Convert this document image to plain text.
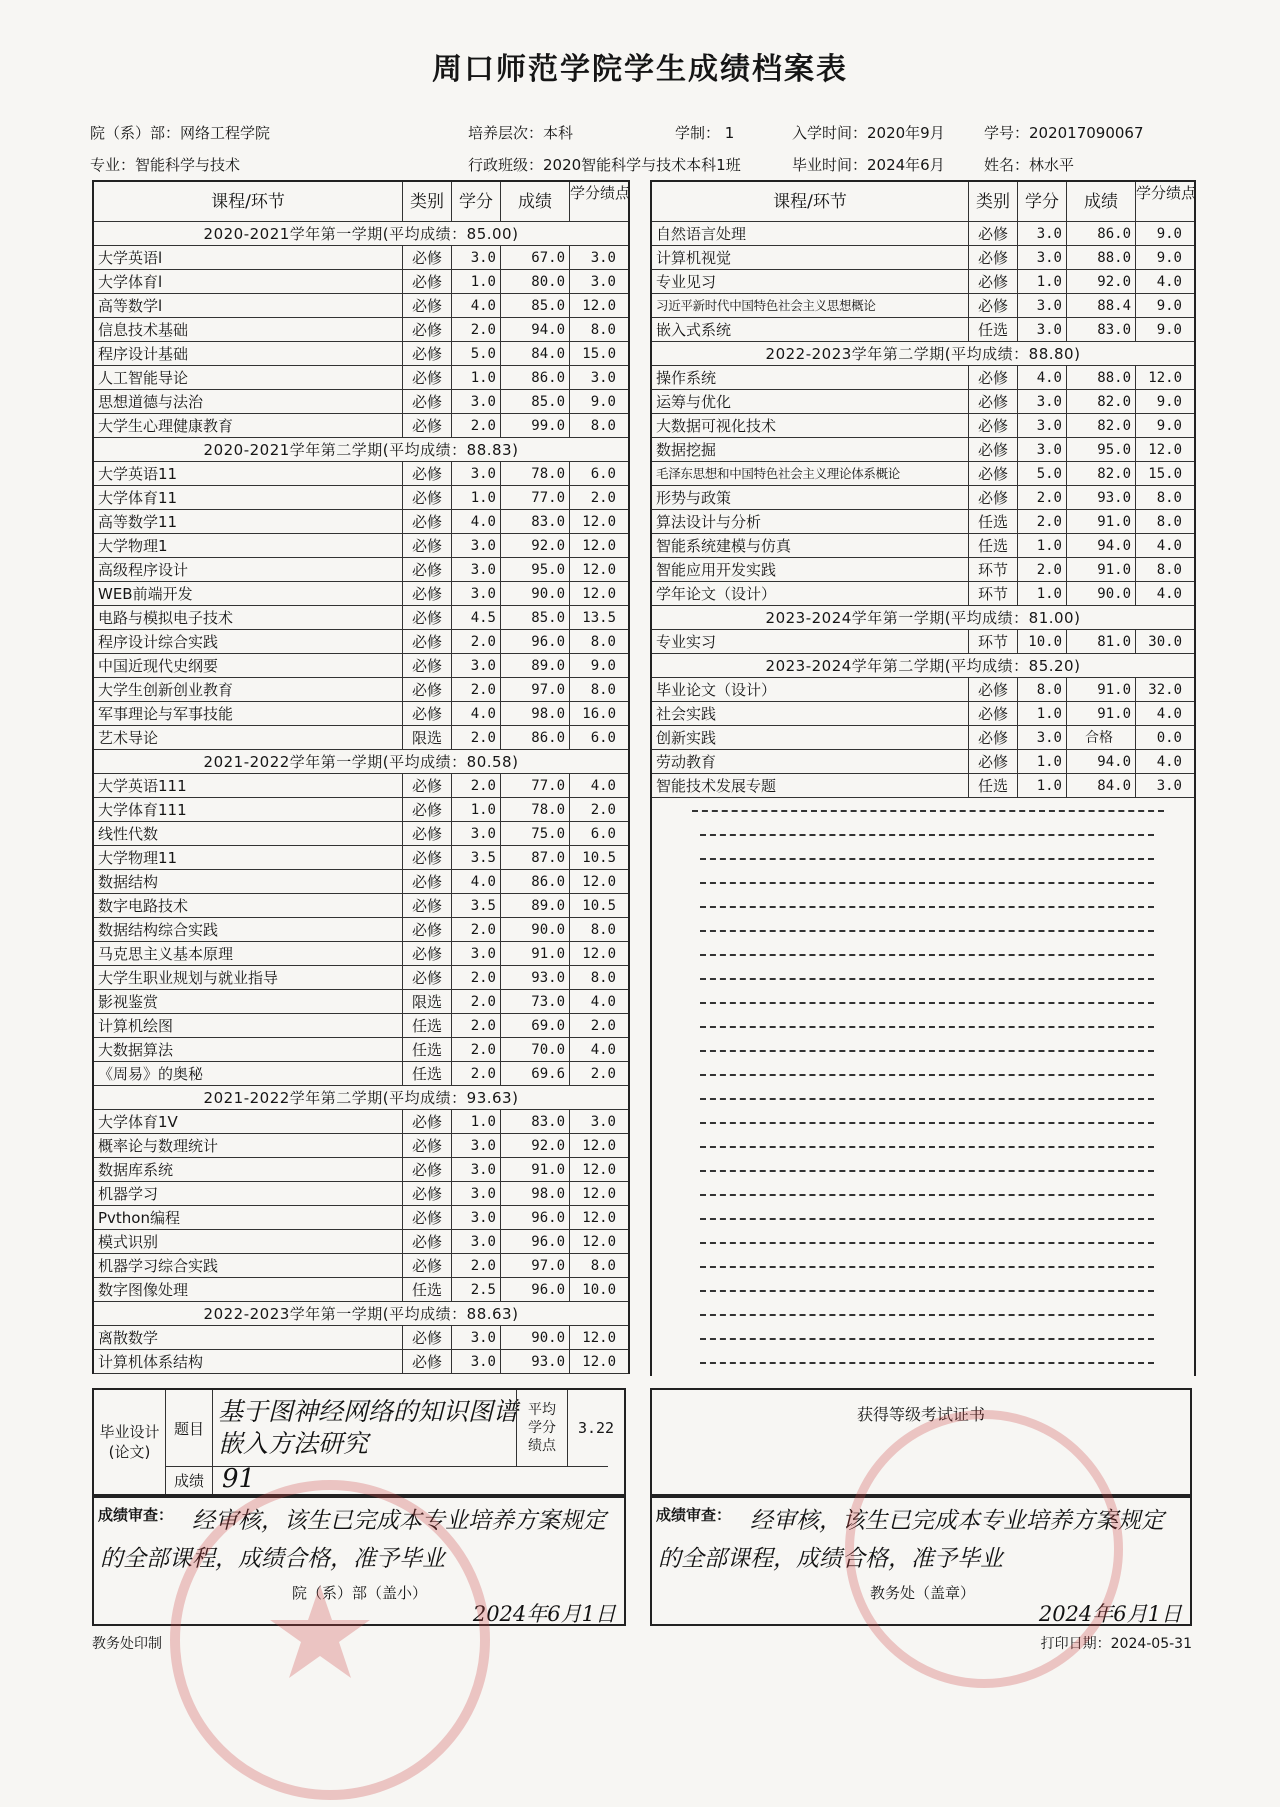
周口师范学院学生成绩档案表
院（系）部：网络工程学院	培养层次：本科	学制： 1	入学时间：2020年9月	学号：202017090067
专业：智能科学与技术	行政班级：2020智能科学与技术本科1班	毕业时间：2024年6月	姓名：林水平
课程/环节	类别 学分	成绩	学分绩点
2020-2021学年第一学期(平均成绩：85.00)
大学英语l	必修	3.0	67.0	3.0
大学体育l	必修	1.0	80.0	3.0
高等数学l	必修	4.0	85.0	12.0
信息技术基础	必修	2.0	94.0	8.0
程序设计基础	必修	5.0	84.0	15.0
人工智能导论	必修	1.0	86.0	3.0
思想道德与法治	必修	3.0	85.0	9.0
大学生心理健康教育	必修	2.0	99.0	8.0
2020-2021学年第二学期(平均成绩：88.83)
大学英语11	必修	3.0	78.0	6.0
大学体育11	必修	1.0	77.0	2.0
高等数学11	必修	4.0	83.0	12.0
大学物理1	必修	3.0	92.0	12.0
高级程序设计	必修	3.0	95.0	12.0
WEB前端开发	必修	3.0	90.0	12.0
电路与模拟电子技术	必修	4.5	85.0	13.5
程序设计综合实践	必修	2.0	96.0	8.0
中国近现代史纲要	必修	3.0	89.0	9.0
大学生创新创业教育	必修	2.0	97.0	8.0
军事理论与军事技能	必修	4.0	98.0	16.0
艺术导论	限选	2.0	86.0	6.0
2021-2022学年第一学期(平均成绩：80.58)
大学英语111	必修	2.0	77.0	4.0
大学体育111	必修	1.0	78.0	2.0
线性代数	必修	3.0	75.0	6.0
大学物理11	必修	3.5	87.0	10.5
数据结构	必修	4.0	86.0	12.0
数字电路技术	必修	3.5	89.0	10.5
数据结构综合实践	必修	2.0	90.0	8.0
马克思主义基本原理	必修	3.0	91.0	12.0
大学生职业规划与就业指导	必修	2.0	93.0	8.0
影视鉴赏	限选	2.0	73.0	4.0
计算机绘图	任选	2.0	69.0	2.0
大数据算法	任选	2.0	70.0	4.0
《周易》的奥秘	任选	2.0	69.6	2.0
2021-2022学年第二学期(平均成绩：93.63)
大学体育1V	必修	1.0	83.0	3.0
概率论与数理统计	必修	3.0	92.0	12.0
数据库系统	必修	3.0	91.0	12.0
机器学习	必修	3.0	98.0	12.0
Pvthon编程	必修	3.0	96.0	12.0
模式识别	必修	3.0	96.0	12.0
机器学习综合实践	必修	2.0	97.0	8.0
数字图像处理	任选	2.5	96.0	10.0
2022-2023学年第一学期(平均成绩：88.63)
离散数学	必修	3.0	90.0	12.0
计算机体系结构	必修	3.0	93.0	12.0
课程/环节	类别 学分	成绩	学分绩点
自然语言处理	必修	3.0	86.0	9.0
计算机视觉	必修	3.0	88.0	9.0
专业见习	必修	1.0	92.0	4.0
习近平新时代中国特色社会主义思想概论	必修	3.0	88.4	9.0
嵌入式系统	任选	3.0	83.0	9.0
2022-2023学年第二学期(平均成绩：88.80)
操作系统	必修	4.0	88.0	12.0
运筹与优化	必修	3.0	82.0	9.0
大数据可视化技术	必修	3.0	82.0	9.0
数据挖掘	必修	3.0	95.0	12.0
毛泽东思想和中国特色社会主义理论体系概论	必修	5.0	82.0	15.0
形势与政策	必修	2.0	93.0	8.0
算法设计与分析	任选	2.0	91.0	8.0
智能系统建模与仿真	任选	1.0	94.0	4.0
智能应用开发实践	环节	2.0	91.0	8.0
学年论文（设计）	环节	1.0	90.0	4.0
2023-2024学年第一学期(平均成绩：81.00)
专业实习	环节	10.0	81.0	30.0
2023-2024学年第二学期(平均成绩：85.20)
毕业论文（设计）	必修	8.0	91.0	32.0
社会实践	必修	1.0	91.0	4.0
创新实践	必修	3.0	合格	0.0
劳动教育	必修	1.0	94.0	4.0
智能技术发展专题	任选	1.0	84.0	3.0
毕业设计(论文)
题目
基于图神经网络的知识图谱嵌入方法研究
成绩 91
平均学分绩点
3.22
获得等级考试证书
成绩审查： 经审核，该生已完成本专业培养方案规定的全部课程，成绩合格，准予毕业
院（系）部（盖小）
2024年6月1日
成绩审查： 经审核，该生已完成本专业培养方案规定的全部课程，成绩合格，准予毕业
教务处（盖章）
2024年6月1日
教务处印制	打印日期：2024-05-31
